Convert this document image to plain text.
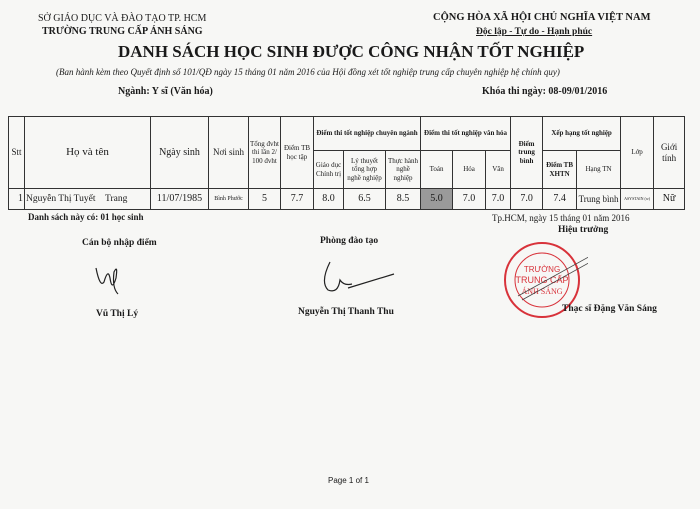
SỞ GIÁO DỤC VÀ ĐÀO TẠO TP. HCM
TRƯỜNG TRUNG CẤP ÁNH SÁNG
CỘNG HÒA XÃ HỘI CHỦ NGHĨA VIỆT NAM
Độc lập - Tự do - Hạnh phúc
DANH SÁCH HỌC SINH ĐƯỢC CÔNG NHẬN TỐT NGHIỆP
(Ban hành kèm theo Quyết định số 101/QĐ ngày 15 tháng 01 năm 2016 của Hội đồng xét tốt nghiệp trung cấp chuyên nghiệp hệ chính quy)
Ngành: Y sĩ (Văn hóa)	Khóa thi ngày: 08-09/01/2016
Stt	Họ và tên	Ngày sinh	Nơi sinh	Tổng đvht thi lần 2/ 100 đvht	Điểm TB học tập	Điểm thi tốt nghiệp chuyên ngành			Điểm thi tốt nghiệp văn hóa			Điểm trung bình	Xếp hạng tốt nghiệp		Lớp	Giới tính
						Giáo dục Chính trị	Lý thuyết tổng hợp nghề nghiệp	Thực hành nghề nghiệp	Toán	Hóa	Văn		Điểm TB XHTN	Hạng TN		
1	Nguyễn Thị Tuyết Trang	11/07/1985	Bình Phước	5	7.7	8.0	6.5	8.5	5.0	7.0	7.0	7.0	7.4	Trung bình	ASYSTAIN (w)	Nữ
Danh sách này có: 01 học sinh	Tp.HCM, ngày 15 tháng 01 năm 2016
Cán bộ nhập điểm	Phòng đào tạo
Hiệu trưởng
TRƯỜNG
TRUNG CẤP
ÁNH SÁNG
Vũ Thị Lý	Nguyễn Thị Thanh Thu	Thạc sĩ Đặng Văn Sáng
Page 1 of 1
